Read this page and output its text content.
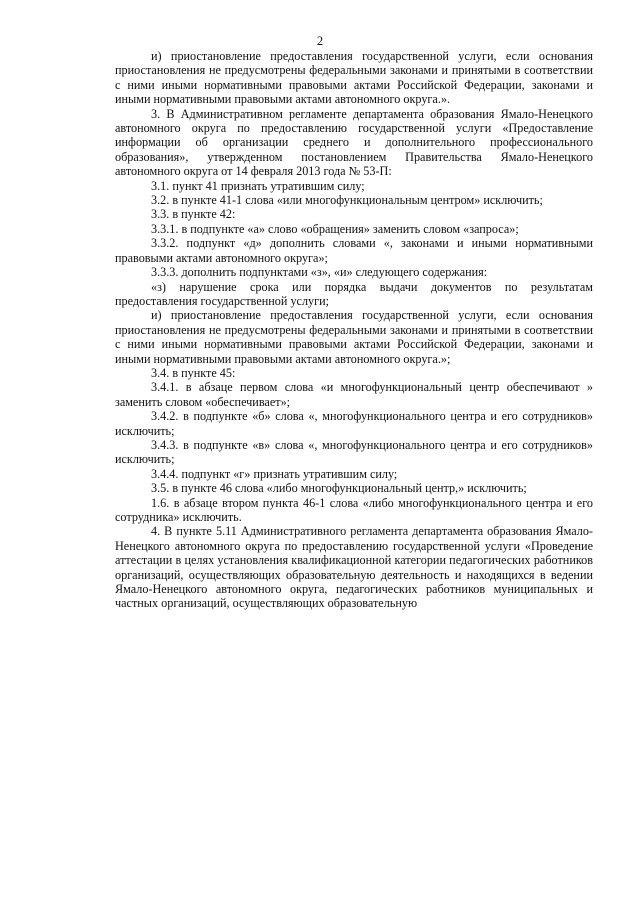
2

и) приостановление предоставления государственной услуги, если основания приостановления не предусмотрены федеральными законами и принятыми в соответствии с ними иными нормативными правовыми актами Российской Федерации, законами и иными нормативными правовыми актами автономного округа.».

3. В Административном регламенте департамента образования Ямало-Ненецкого автономного округа по предоставлению государственной услуги «Предоставление информации об организации среднего и дополнительного профессионального образования», утвержденном постановлением Правительства Ямало-Ненецкого автономного округа от 14 февраля 2013 года № 53-П:

3.1. пункт 41 признать утратившим силу;

3.2. в пункте 41-1 слова «или многофункциональным центром» исключить;

3.3. в пункте 42:

3.3.1. в подпункте «а» слово «обращения» заменить словом «запроса»;

3.3.2. подпункт «д» дополнить словами «, законами и иными нормативными правовыми актами автономного округа»;

3.3.3. дополнить подпунктами «з», «и» следующего содержания:

«з) нарушение срока или порядка выдачи документов по результатам предоставления государственной услуги;

и) приостановление предоставления государственной услуги, если основания приостановления не предусмотрены федеральными законами и принятыми в соответствии с ними иными нормативными правовыми актами Российской Федерации, законами и иными нормативными правовыми актами автономного округа.»;

3.4. в пункте 45:

3.4.1. в абзаце первом слова «и многофункциональный центр обеспечивают » заменить словом «обеспечивает»;

3.4.2. в подпункте «б» слова «, многофункционального центра и его сотрудников» исключить;

3.4.3. в подпункте «в» слова «, многофункционального центра и его сотрудников» исключить;

3.4.4. подпункт «г» признать утратившим силу;

3.5. в пункте 46 слова «либо многофункциональный центр,» исключить;

1.6. в абзаце втором пункта 46-1 слова «либо многофункционального центра и его сотрудника» исключить.

4. В пункте 5.11 Административного регламента департамента образования Ямало-Ненецкого автономного округа по предоставлению государственной услуги «Проведение аттестации в целях установления квалификационной категории педагогических работников организаций, осуществляющих образовательную деятельность и находящихся в ведении Ямало-Ненецкого автономного округа, педагогических работников муниципальных и частных организаций, осуществляющих образовательную
